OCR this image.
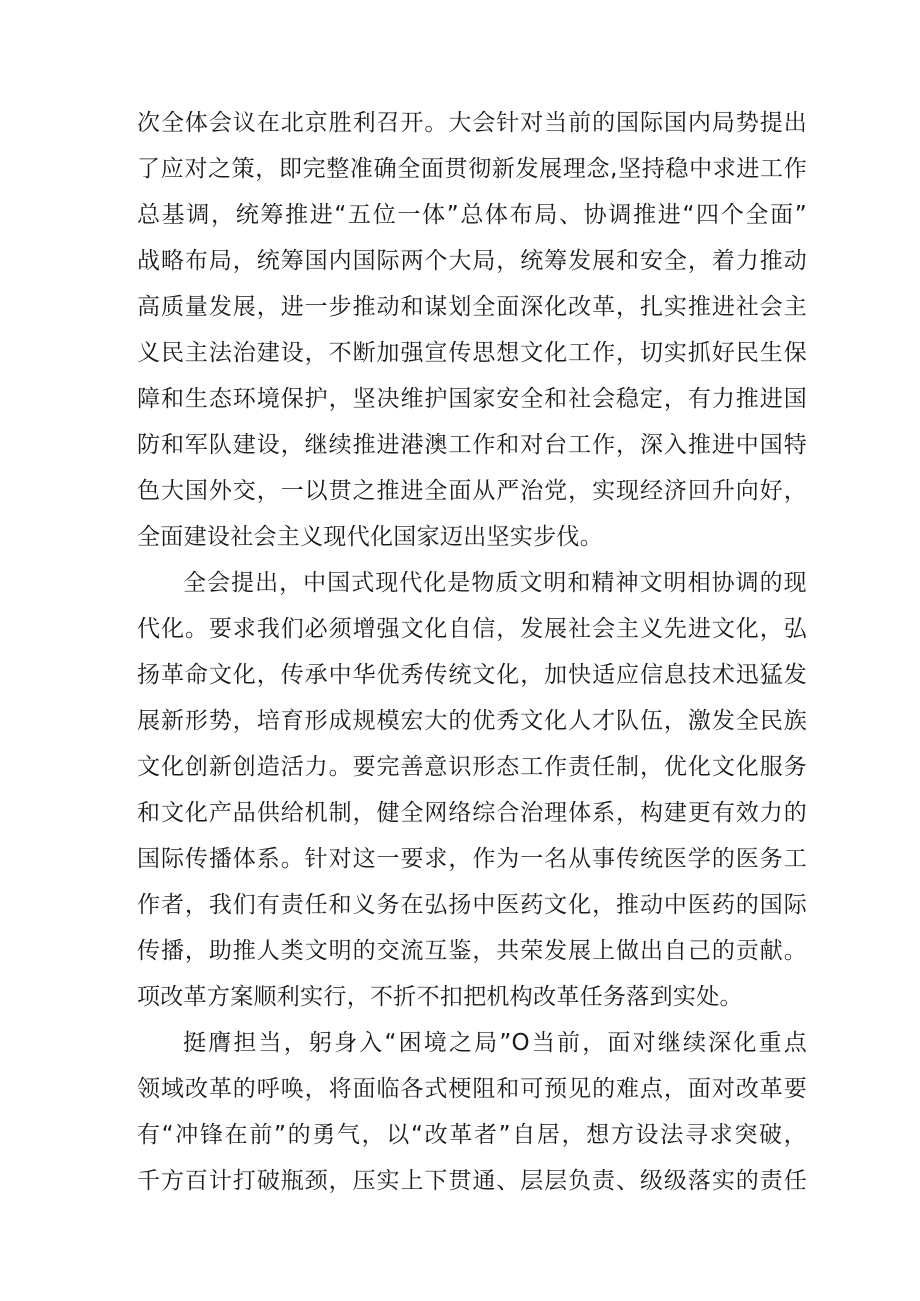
次全体会议在北京胜利召开。大会针对当前的国际国内局势提出
了应对之策，即完整准确全面贯彻新发展理念,坚持稳中求进工作
总基调，统筹推进“五位一体”总体布局、协调推进“四个全面”
战略布局，统筹国内国际两个大局，统筹发展和安全，着力推动
高质量发展，进一步推动和谋划全面深化改革，扎实推进社会主
义民主法治建设，不断加强宣传思想文化工作，切实抓好民生保
障和生态环境保护，坚决维护国家安全和社会稳定，有力推进国
防和军队建设，继续推进港澳工作和对台工作，深入推进中国特
色大国外交，一以贯之推进全面从严治党，实现经济回升向好，
全面建设社会主义现代化国家迈出坚实步伐。
全会提出，中国式现代化是物质文明和精神文明相协调的现
代化。要求我们必须增强文化自信，发展社会主义先进文化，弘
扬革命文化，传承中华优秀传统文化，加快适应信息技术迅猛发
展新形势，培育形成规模宏大的优秀文化人才队伍，激发全民族
文化创新创造活力。要完善意识形态工作责任制，优化文化服务
和文化产品供给机制，健全网络综合治理体系，构建更有效力的
国际传播体系。针对这一要求，作为一名从事传统医学的医务工
作者，我们有责任和义务在弘扬中医药文化，推动中医药的国际
传播，助推人类文明的交流互鉴，共荣发展上做出自己的贡献。
项改革方案顺利实行，不折不扣把机构改革任务落到实处。
挺膺担当，躬身入“困境之局”O当前，面对继续深化重点
领域改革的呼唤，将面临各式梗阻和可预见的难点，面对改革要
有“冲锋在前”的勇气，以“改革者”自居，想方设法寻求突破，
千方百计打破瓶颈，压实上下贯通、层层负责、级级落实的责任
